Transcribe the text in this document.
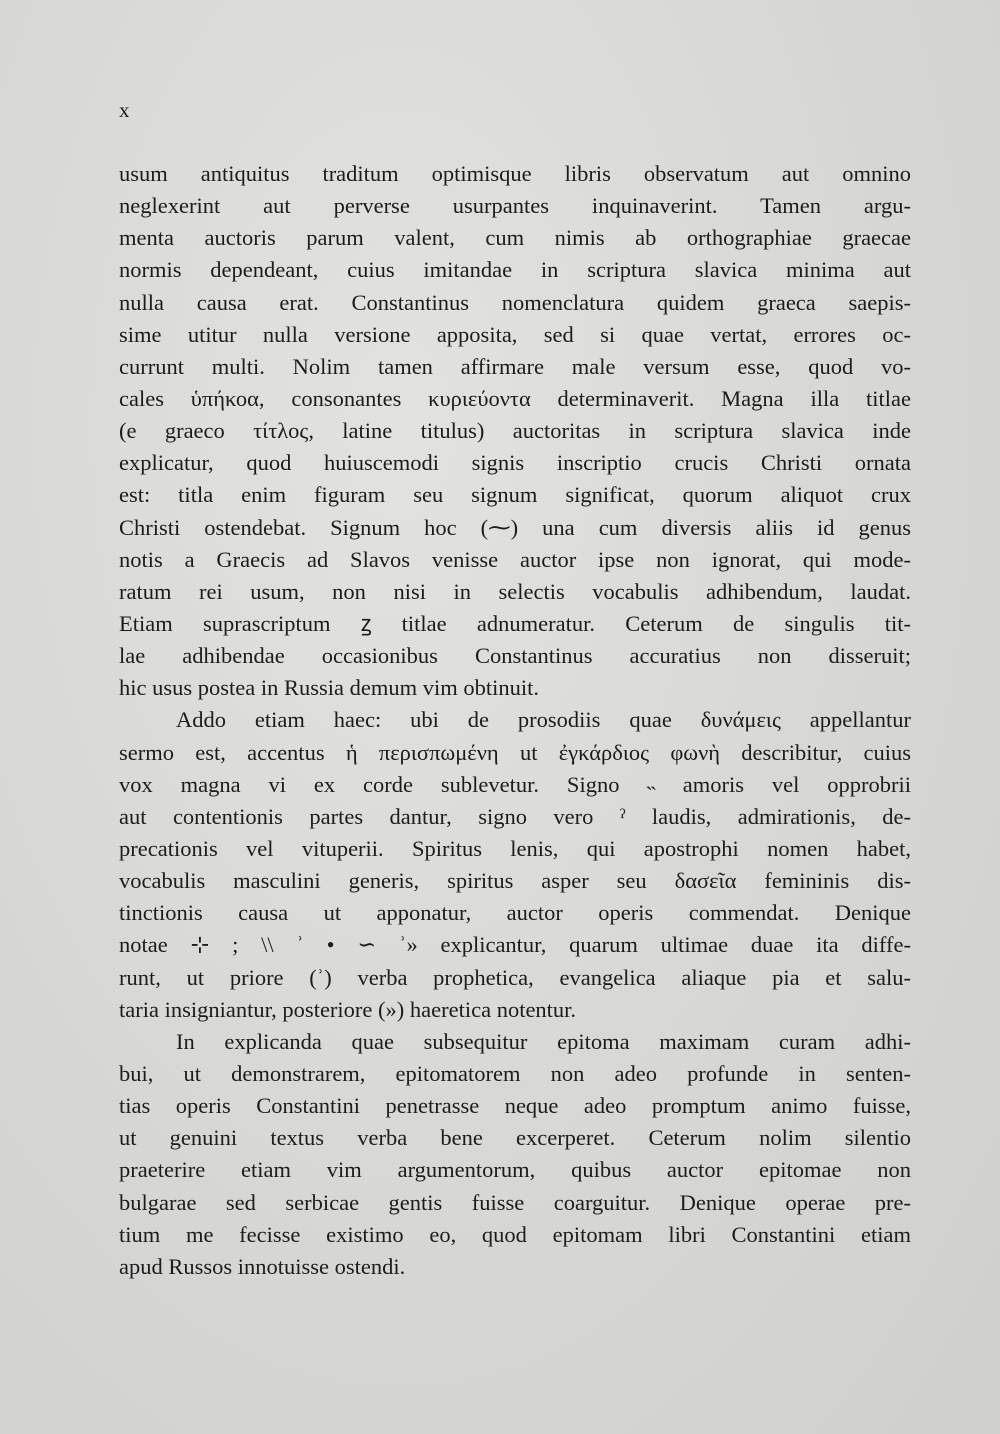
x
usum antiquitus traditum optimisque libris observatum aut omnino
neglexerint aut perverse usurpantes inquinaverint. Tamen argu-
menta auctoris parum valent, cum nimis ab orthographiae graecae
normis dependeant, cuius imitandae in scriptura slavica minima aut
nulla causa erat. Constantinus nomenclatura quidem graeca saepis-
sime utitur nulla versione apposita, sed si quae vertat, errores oc-
currunt multi. Nolim tamen affirmare male versum esse, quod vo-
cales ὑπήκοα, consonantes κυριεύοντα determinaverit. Magna illa titlae
(e graeco τίτλος, latine titulus) auctoritas in scriptura slavica inde
explicatur, quod huiuscemodi signis inscriptio crucis Christi ornata
est: titla enim figuram seu signum significat, quorum aliquot crux
Christi ostendebat. Signum hoc (⁓) una cum diversis aliis id genus
notis a Graecis ad Slavos venisse auctor ipse non ignorat, qui mode-
ratum rei usum, non nisi in selectis vocabulis adhibendum, laudat.
Etiam suprascriptum ꙁ titlae adnumeratur. Ceterum de singulis tit-
lae adhibendae occasionibus Constantinus accuratius non disseruit;
hic usus postea in Russia demum vim obtinuit.
Addo etiam haec: ubi de prosodiis quae δυνάμεις appellantur
sermo est, accentus ἡ περισπωμένη ut ἐγκάρδιος φωνὴ describitur, cuius
vox magna vi ex corde sublevetur. Signo ˵ amoris vel opprobrii
aut contentionis partes dantur, signo vero ˀ laudis, admirationis, de-
precationis vel vituperii. Spiritus lenis, qui apostrophi nomen habet,
vocabulis masculini generis, spiritus asper seu δασεῖα femininis dis-
tinctionis causa ut apponatur, auctor operis commendat. Denique
notae ⊹ ; \\ ʾ • ∽ ʾ» explicantur, quarum ultimae duae ita diffe-
runt, ut priore (ʾ) verba prophetica, evangelica aliaque pia et salu-
taria insigniantur, posteriore (») haeretica notentur.
In explicanda quae subsequitur epitoma maximam curam adhi-
bui, ut demonstrarem, epitomatorem non adeo profunde in senten-
tias operis Constantini penetrasse neque adeo promptum animo fuisse,
ut genuini textus verba bene excerperet. Ceterum nolim silentio
praeterire etiam vim argumentorum, quibus auctor epitomae non
bulgarae sed serbicae gentis fuisse coarguitur. Denique operae pre-
tium me fecisse existimo eo, quod epitomam libri Constantini etiam
apud Russos innotuisse ostendi.
